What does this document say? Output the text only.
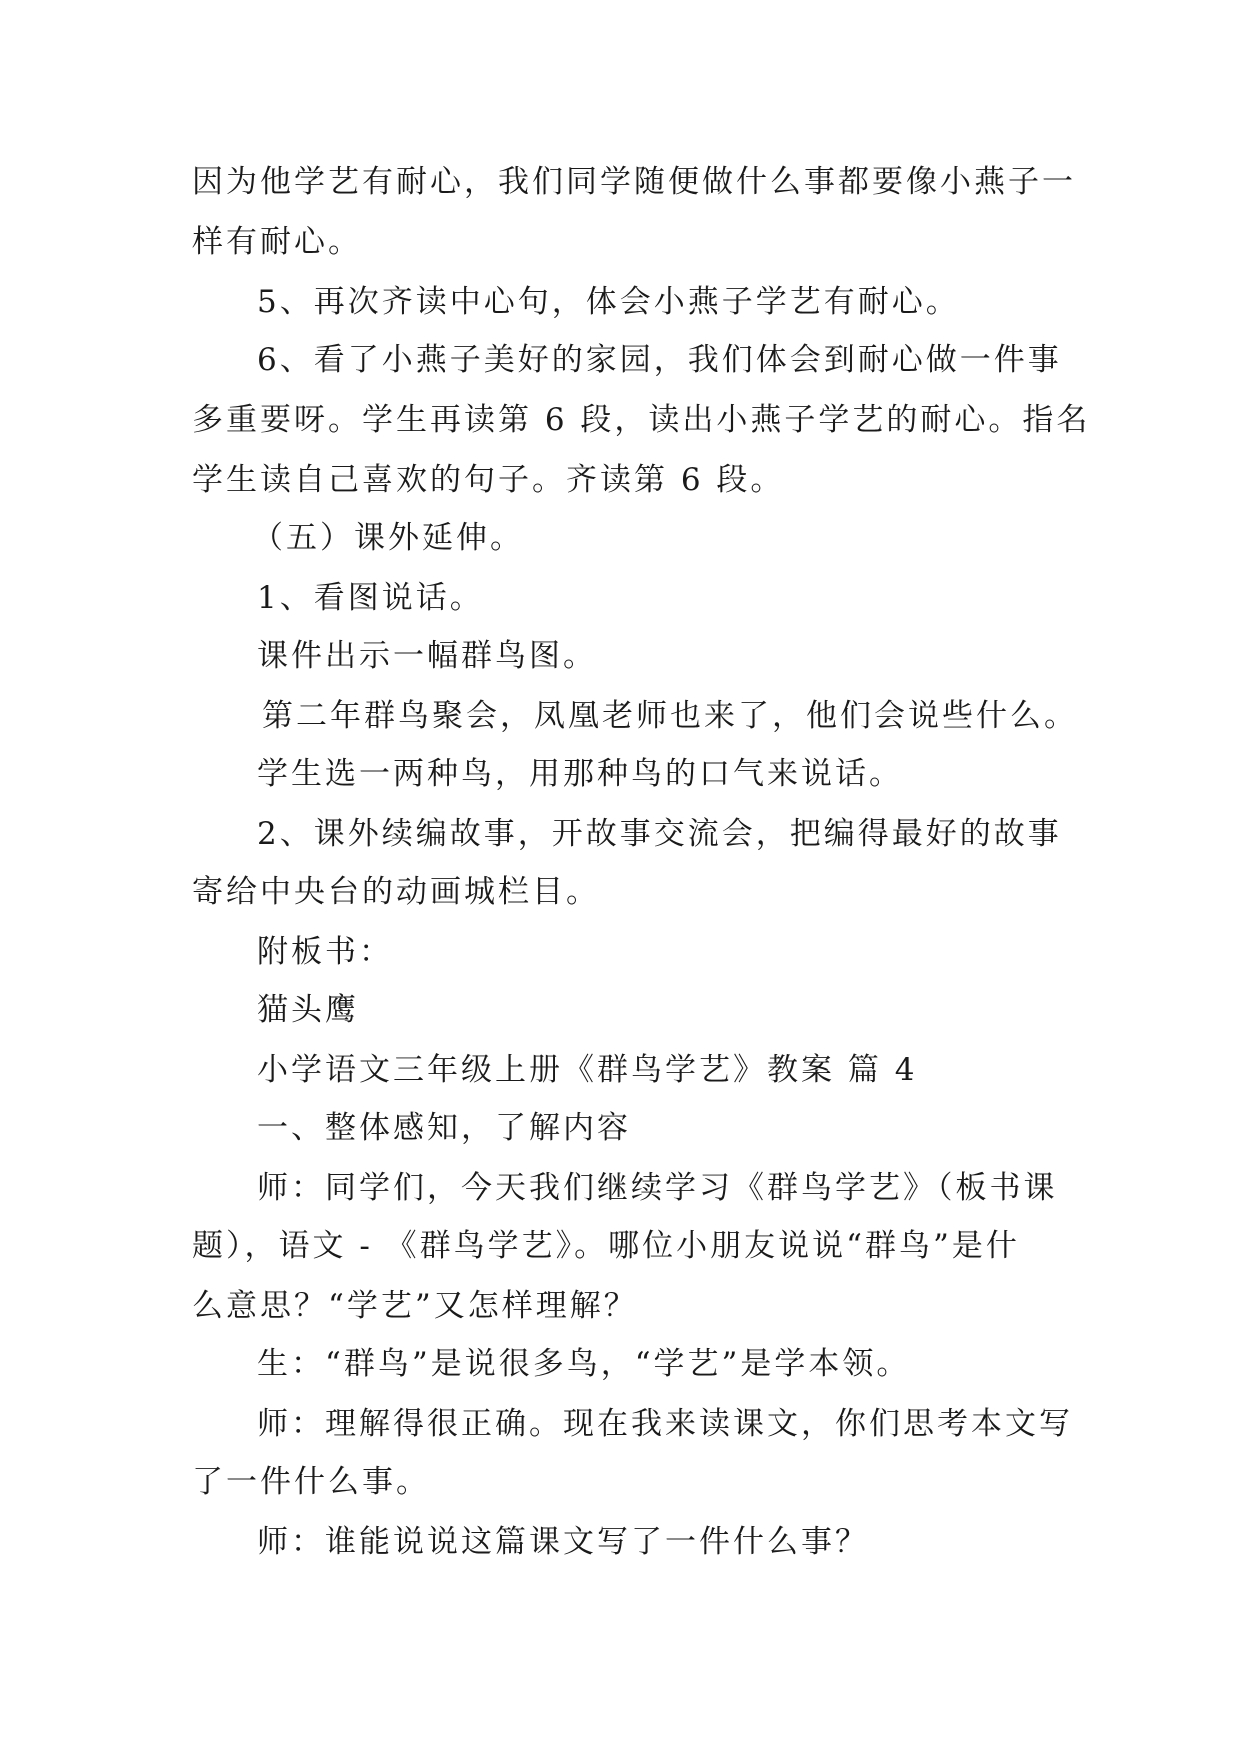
因为他学艺有耐心，我们同学随便做什么事都要像小燕子一
样有耐心。
5、再次齐读中心句，体会小燕子学艺有耐心。
6、看了小燕子美好的家园，我们体会到耐心做一件事
多重要呀。学生再读第 6 段，读出小燕子学艺的耐心。指名
学生读自己喜欢的句子。齐读第 6 段。
（五）课外延伸。
1、看图说话。
课件出示一幅群鸟图。
第二年群鸟聚会，凤凰老师也来了，他们会说些什么。
学生选一两种鸟，用那种鸟的口气来说话。
2、课外续编故事，开故事交流会，把编得最好的故事
寄给中央台的动画城栏目。
附板书：
猫头鹰
小学语文三年级上册《群鸟学艺》教案 篇 4
一、整体感知，了解内容
师：同学们，今天我们继续学习《群鸟学艺》（板书课
题），语文 - 《群鸟学艺》。哪位小朋友说说“群鸟”是什
么意思？“学艺”又怎样理解？
生：“群鸟”是说很多鸟，“学艺”是学本领。
师：理解得很正确。现在我来读课文，你们思考本文写
了一件什么事。
师：谁能说说这篇课文写了一件什么事？
